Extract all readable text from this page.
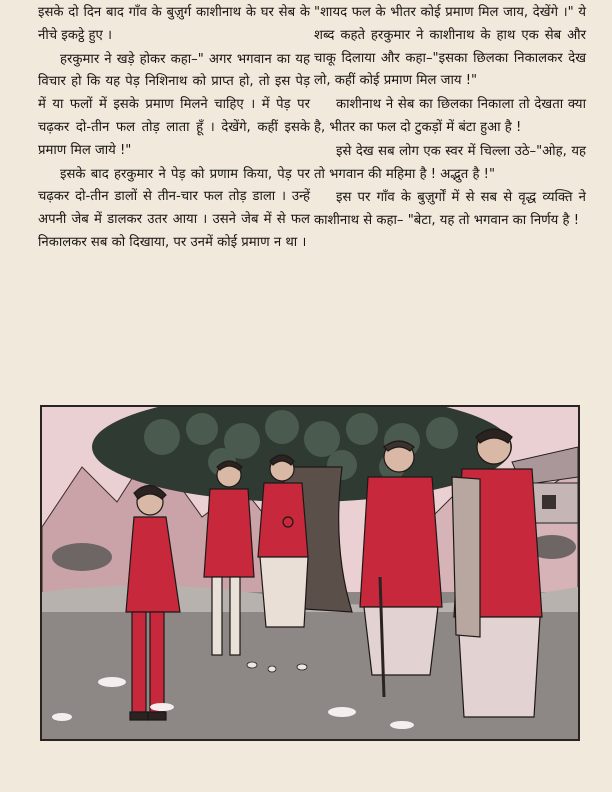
इसके दो दिन बाद गाँव के बुज़ुर्ग काशीनाथ के घर सेब के नीचे इकट्ठे हुए ।

हरकुमार ने खड़े होकर कहा–" अगर भगवान का यह विचार हो कि यह पेड़ निशिनाथ को प्राप्त हो, तो इस पेड़ में या फलों में इसके प्रमाण मिलने चाहिए । में पेड़ पर चढ़कर दो-तीन फल तोड़ लाता हूँ । देखेंगे, कहीं इसके प्रमाण मिल जाये !"

इसके बाद हरकुमार ने पेड़ को प्रणाम किया, पेड़ पर चढ़कर दो-तीन डालों से तीन-चार फल तोड़ डाला । उन्हें अपनी जेब में डालकर उतर आया । उसने जेब में से फल निकालकर सब को दिखाया, पर उनमें कोई प्रमाण न था ।

"शायद फल के भीतर कोई प्रमाण मिल जाय, देखेंगे ।" ये शब्द कहते हरकुमार ने काशीनाथ के हाथ एक सेब और चाकू दिलाया और कहा–"इसका छिलका निकालकर देख लो, कहीं कोई प्रमाण मिल जाय !"

काशीनाथ ने सेब का छिलका निकाला तो देखता क्या है, भीतर का फल दो टुकड़ों में बंटा हुआ है !

इसे देख सब लोग एक स्वर में चिल्ला उठे–"ओह, यह तो भगवान की महिमा है ! अद्भुत है !"

इस पर गाँव के बुज़ुर्गों में से सब से वृद्ध व्यक्ति ने काशीनाथ से कहा– "बेटा, यह तो भगवान का निर्णय है !
